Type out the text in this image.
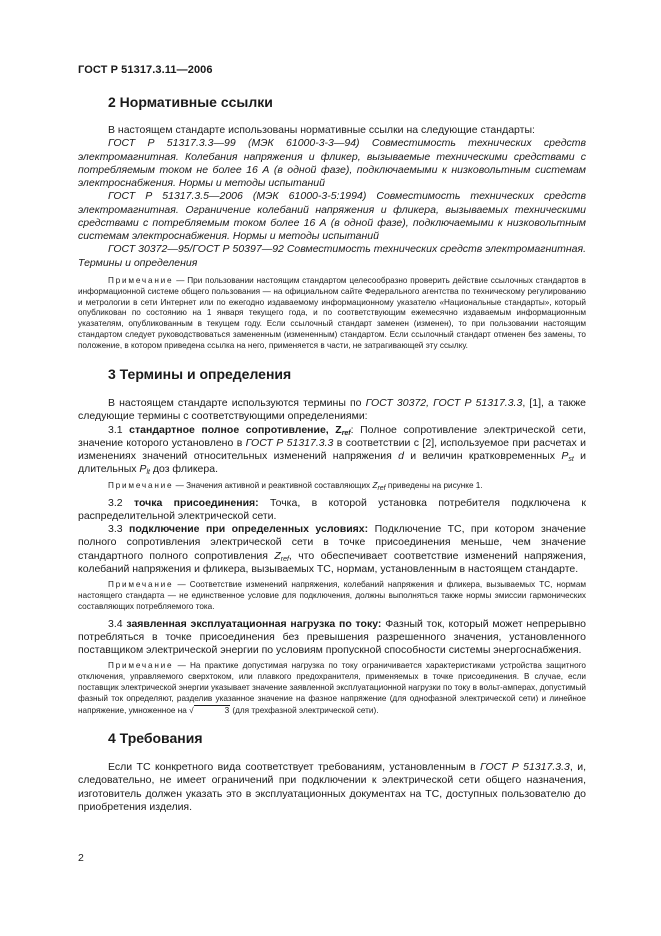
ГОСТ Р 51317.3.11—2006
2 Нормативные ссылки

В настоящем стандарте использованы нормативные ссылки на следующие стандарты:

ГОСТ Р 51317.3.3—99 (МЭК 61000-3-3—94) Совместимость технических средств электромагнитная. Колебания напряжения и фликер, вызываемые техническими средствами с потребляемым током не более 16 А (в одной фазе), подключаемыми к низковольтным системам электроснабжения. Нормы и методы испытаний

ГОСТ Р 51317.3.5—2006 (МЭК 61000-3-5:1994) Совместимость технических средств электромагнитная. Ограничение колебаний напряжения и фликера, вызываемых техническими средствами с потребляемым током более 16 А (в одной фазе), подключаемыми к низковольтным системам электроснабжения. Нормы и методы испытаний

ГОСТ 30372—95/ГОСТ Р 50397—92 Совместимость технических средств электромагнитная. Термины и определения

Примечание — При пользовании настоящим стандартом целесообразно проверить действие ссылочных стандартов в информационной системе общего пользования — на официальном сайте Федерального агентства по техническому регулированию и метрологии в сети Интернет или по ежегодно издаваемому информационному указателю «Национальные стандарты», который опубликован по состоянию на 1 января текущего года, и по соответствующим ежемесячно издаваемым информационным указателям, опубликованным в текущем году. Если ссылочный стандарт заменен (изменен), то при пользовании настоящим стандартом следует руководствоваться замененным (измененным) стандартом. Если ссылочный стандарт отменен без замены, то положение, в котором приведена ссылка на него, применяется в части, не затрагивающей эту ссылку.

3 Термины и определения

В настоящем стандарте используются термины по ГОСТ 30372, ГОСТ Р 51317.3.3, [1], а также следующие термины с соответствующими определениями:

3.1 стандартное полное сопротивление, $Z_{ref}$: Полное сопротивление электрической сети, значение которого установлено в ГОСТ Р 51317.3.3 в соответствии с [2], используемое при расчетах и изменениях значений относительных изменений напряжения d и величин кратковременных $P_{st}$ и длительных $P_{lt}$ доз фликера.

Примечание — Значения активной и реактивной составляющих $Z_{ref}$ приведены на рисунке 1.

3.2 точка присоединения: Точка, в которой установка потребителя подключена к распределительной электрической сети.

3.3 подключение при определенных условиях: Подключение ТС, при котором значение полного сопротивления электрической сети в точке присоединения меньше, чем значение стандартного полного сопротивления $Z_{ref}$, что обеспечивает соответствие изменений напряжения, колебаний напряжения и фликера, вызываемых ТС, нормам, установленным в настоящем стандарте.

Примечание — Соответствие изменений напряжения, колебаний напряжения и фликера, вызываемых ТС, нормам настоящего стандарта — не единственное условие для подключения, должны выполняться также нормы эмиссии гармонических составляющих потребляемого тока.

3.4 заявленная эксплуатационная нагрузка по току: Фазный ток, который может непрерывно потребляться в точке присоединения без превышения разрешенного значения, установленного поставщиком электрической энергии по условиям пропускной способности системы энергоснабжения.

Примечание — На практике допустимая нагрузка по току ограничивается характеристиками устройства защитного отключения, управляемого сверхтоком, или плавкого предохранителя, применяемых в точке присоединения. В случае, если поставщик электрической энергии указывает значение заявленной эксплуатационной нагрузки по току в вольт-амперах, допустимый фазный ток определяют, разделив указанное значение на фазное напряжение (для однофазной электрической сети) и линейное напряжение, умноженное на √	3 (для трехфазной электрической сети).

4 Требования

Если ТС конкретного вида соответствует требованиям, установленным в ГОСТ Р 51317.3.3, и, следовательно, не имеет ограничений при подключении к электрической сети общего назначения, изготовитель должен указать это в эксплуатационных документах на ТС, доступных пользователю до приобретения изделия.

2
